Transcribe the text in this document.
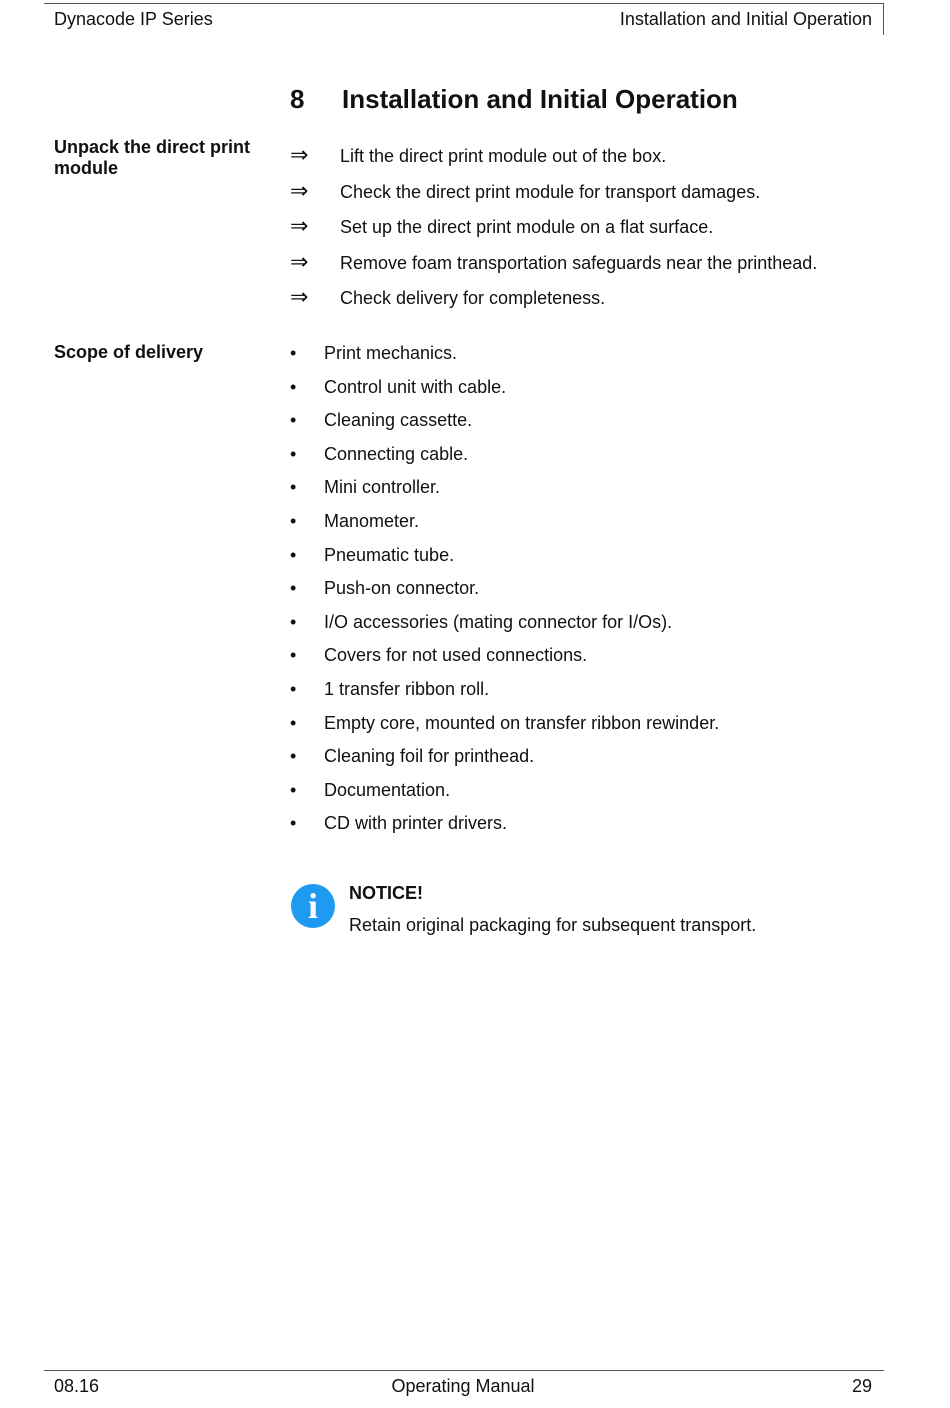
Dynacode IP Series	Installation and Initial Operation
8 Installation and Initial Operation
Unpack the direct print module	⇒ Lift the direct print module out of the box.
⇒ Check the direct print module for transport damages.
⇒ Set up the direct print module on a flat surface.
⇒ Remove foam transportation safeguards near the printhead.
⇒ Check delivery for completeness.
Scope of delivery	• Print mechanics.
• Control unit with cable.
• Cleaning cassette.
• Connecting cable.
• Mini controller.
• Manometer.
• Pneumatic tube.
• Push-on connector.
• I/O accessories (mating connector for I/Os).
• Covers for not used connections.
• 1 transfer ribbon roll.
• Empty core, mounted on transfer ribbon rewinder.
• Cleaning foil for printhead.
• Documentation.
• CD with printer drivers.
i	NOTICE!
Retain original packaging for subsequent transport.
08.16	Operating Manual	29
